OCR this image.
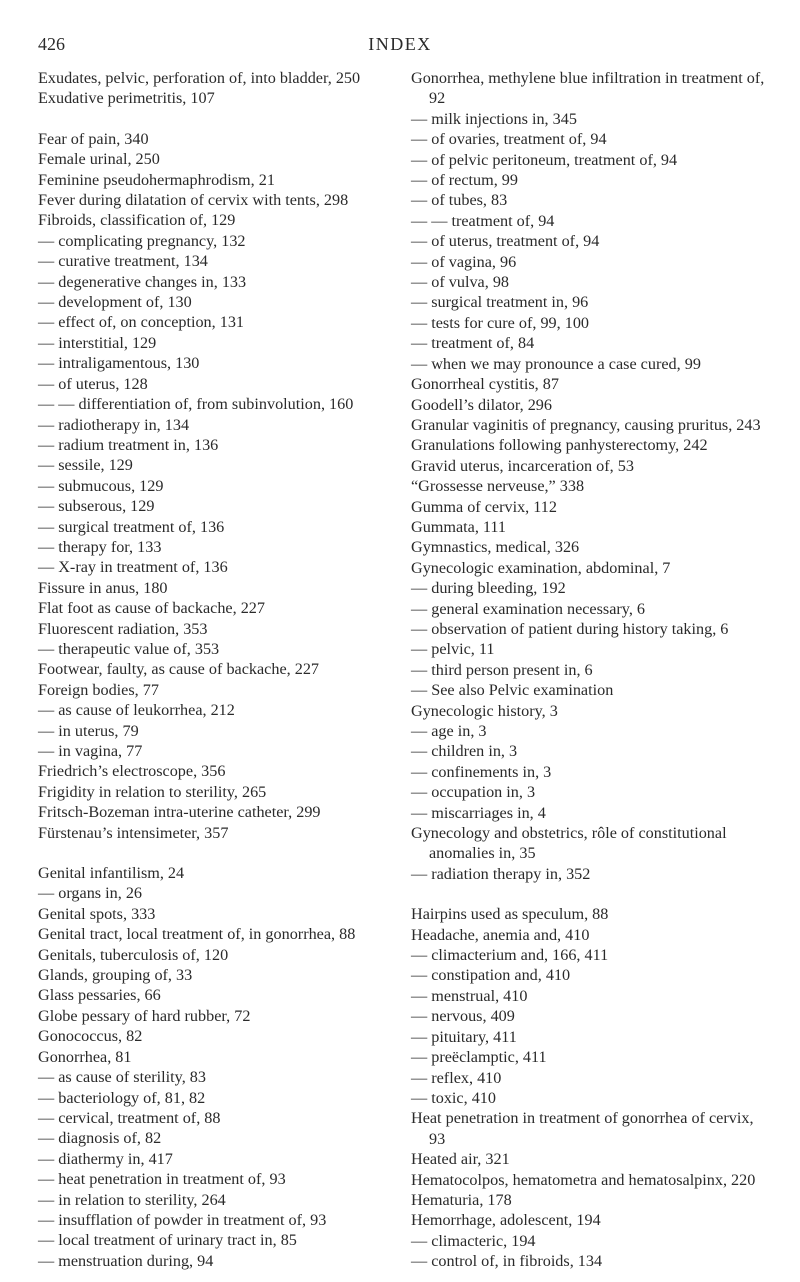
426	INDEX
Exudates, pelvic, perforation of, into bladder, 250
Exudative perimetritis, 107
Fear of pain, 340
Female urinal, 250
Feminine pseudohermaphrodism, 21
Fever during dilatation of cervix with tents, 298
Fibroids, classification of, 129
— complicating pregnancy, 132
— curative treatment, 134
— degenerative changes in, 133
— development of, 130
— effect of, on conception, 131
— interstitial, 129
— intraligamentous, 130
— of uterus, 128
— — differentiation of, from subinvolution, 160
— radiotherapy in, 134
— radium treatment in, 136
— sessile, 129
— submucous, 129
— subserous, 129
— surgical treatment of, 136
— therapy for, 133
— X-ray in treatment of, 136
Fissure in anus, 180
Flat foot as cause of backache, 227
Fluorescent radiation, 353
— therapeutic value of, 353
Footwear, faulty, as cause of backache, 227
Foreign bodies, 77
— as cause of leukorrhea, 212
— in uterus, 79
— in vagina, 77
Friedrich’s electroscope, 356
Frigidity in relation to sterility, 265
Fritsch-Bozeman intra-uterine catheter, 299
Fürstenau’s intensimeter, 357
Genital infantilism, 24
— organs in, 26
Genital spots, 333
Genital tract, local treatment of, in gonorrhea, 88
Genitals, tuberculosis of, 120
Glands, grouping of, 33
Glass pessaries, 66
Globe pessary of hard rubber, 72
Gonococcus, 82
Gonorrhea, 81
— as cause of sterility, 83
— bacteriology of, 81, 82
— cervical, treatment of, 88
— diagnosis of, 82
— diathermy in, 417
— heat penetration in treatment of, 93
— in relation to sterility, 264
— insufflation of powder in treatment of, 93
— local treatment of urinary tract in, 85
— menstruation during, 94
Gonorrhea, methylene blue infiltration in treatment of, 92
— milk injections in, 345
— of ovaries, treatment of, 94
— of pelvic peritoneum, treatment of, 94
— of rectum, 99
— of tubes, 83
— — treatment of, 94
— of uterus, treatment of, 94
— of vagina, 96
— of vulva, 98
— surgical treatment in, 96
— tests for cure of, 99, 100
— treatment of, 84
— when we may pronounce a case cured, 99
Gonorrheal cystitis, 87
Goodell’s dilator, 296
Granular vaginitis of pregnancy, causing pruritus, 243
Granulations following panhysterectomy, 242
Gravid uterus, incarceration of, 53
“Grossesse nerveuse,” 338
Gumma of cervix, 112
Gummata, 111
Gymnastics, medical, 326
Gynecologic examination, abdominal, 7
— during bleeding, 192
— general examination necessary, 6
— observation of patient during history taking, 6
— pelvic, 11
— third person present in, 6
— See also Pelvic examination
Gynecologic history, 3
— age in, 3
— children in, 3
— confinements in, 3
— occupation in, 3
— miscarriages in, 4
Gynecology and obstetrics, rôle of constitutional anomalies in, 35
— radiation therapy in, 352
Hairpins used as speculum, 88
Headache, anemia and, 410
— climacterium and, 166, 411
— constipation and, 410
— menstrual, 410
— nervous, 409
— pituitary, 411
— preëclamptic, 411
— reflex, 410
— toxic, 410
Heat penetration in treatment of gonorrhea of cervix, 93
Heated air, 321
Hematocolpos, hematometra and hematosalpinx, 220
Hematuria, 178
Hemorrhage, adolescent, 194
— climacteric, 194
— control of, in fibroids, 134
